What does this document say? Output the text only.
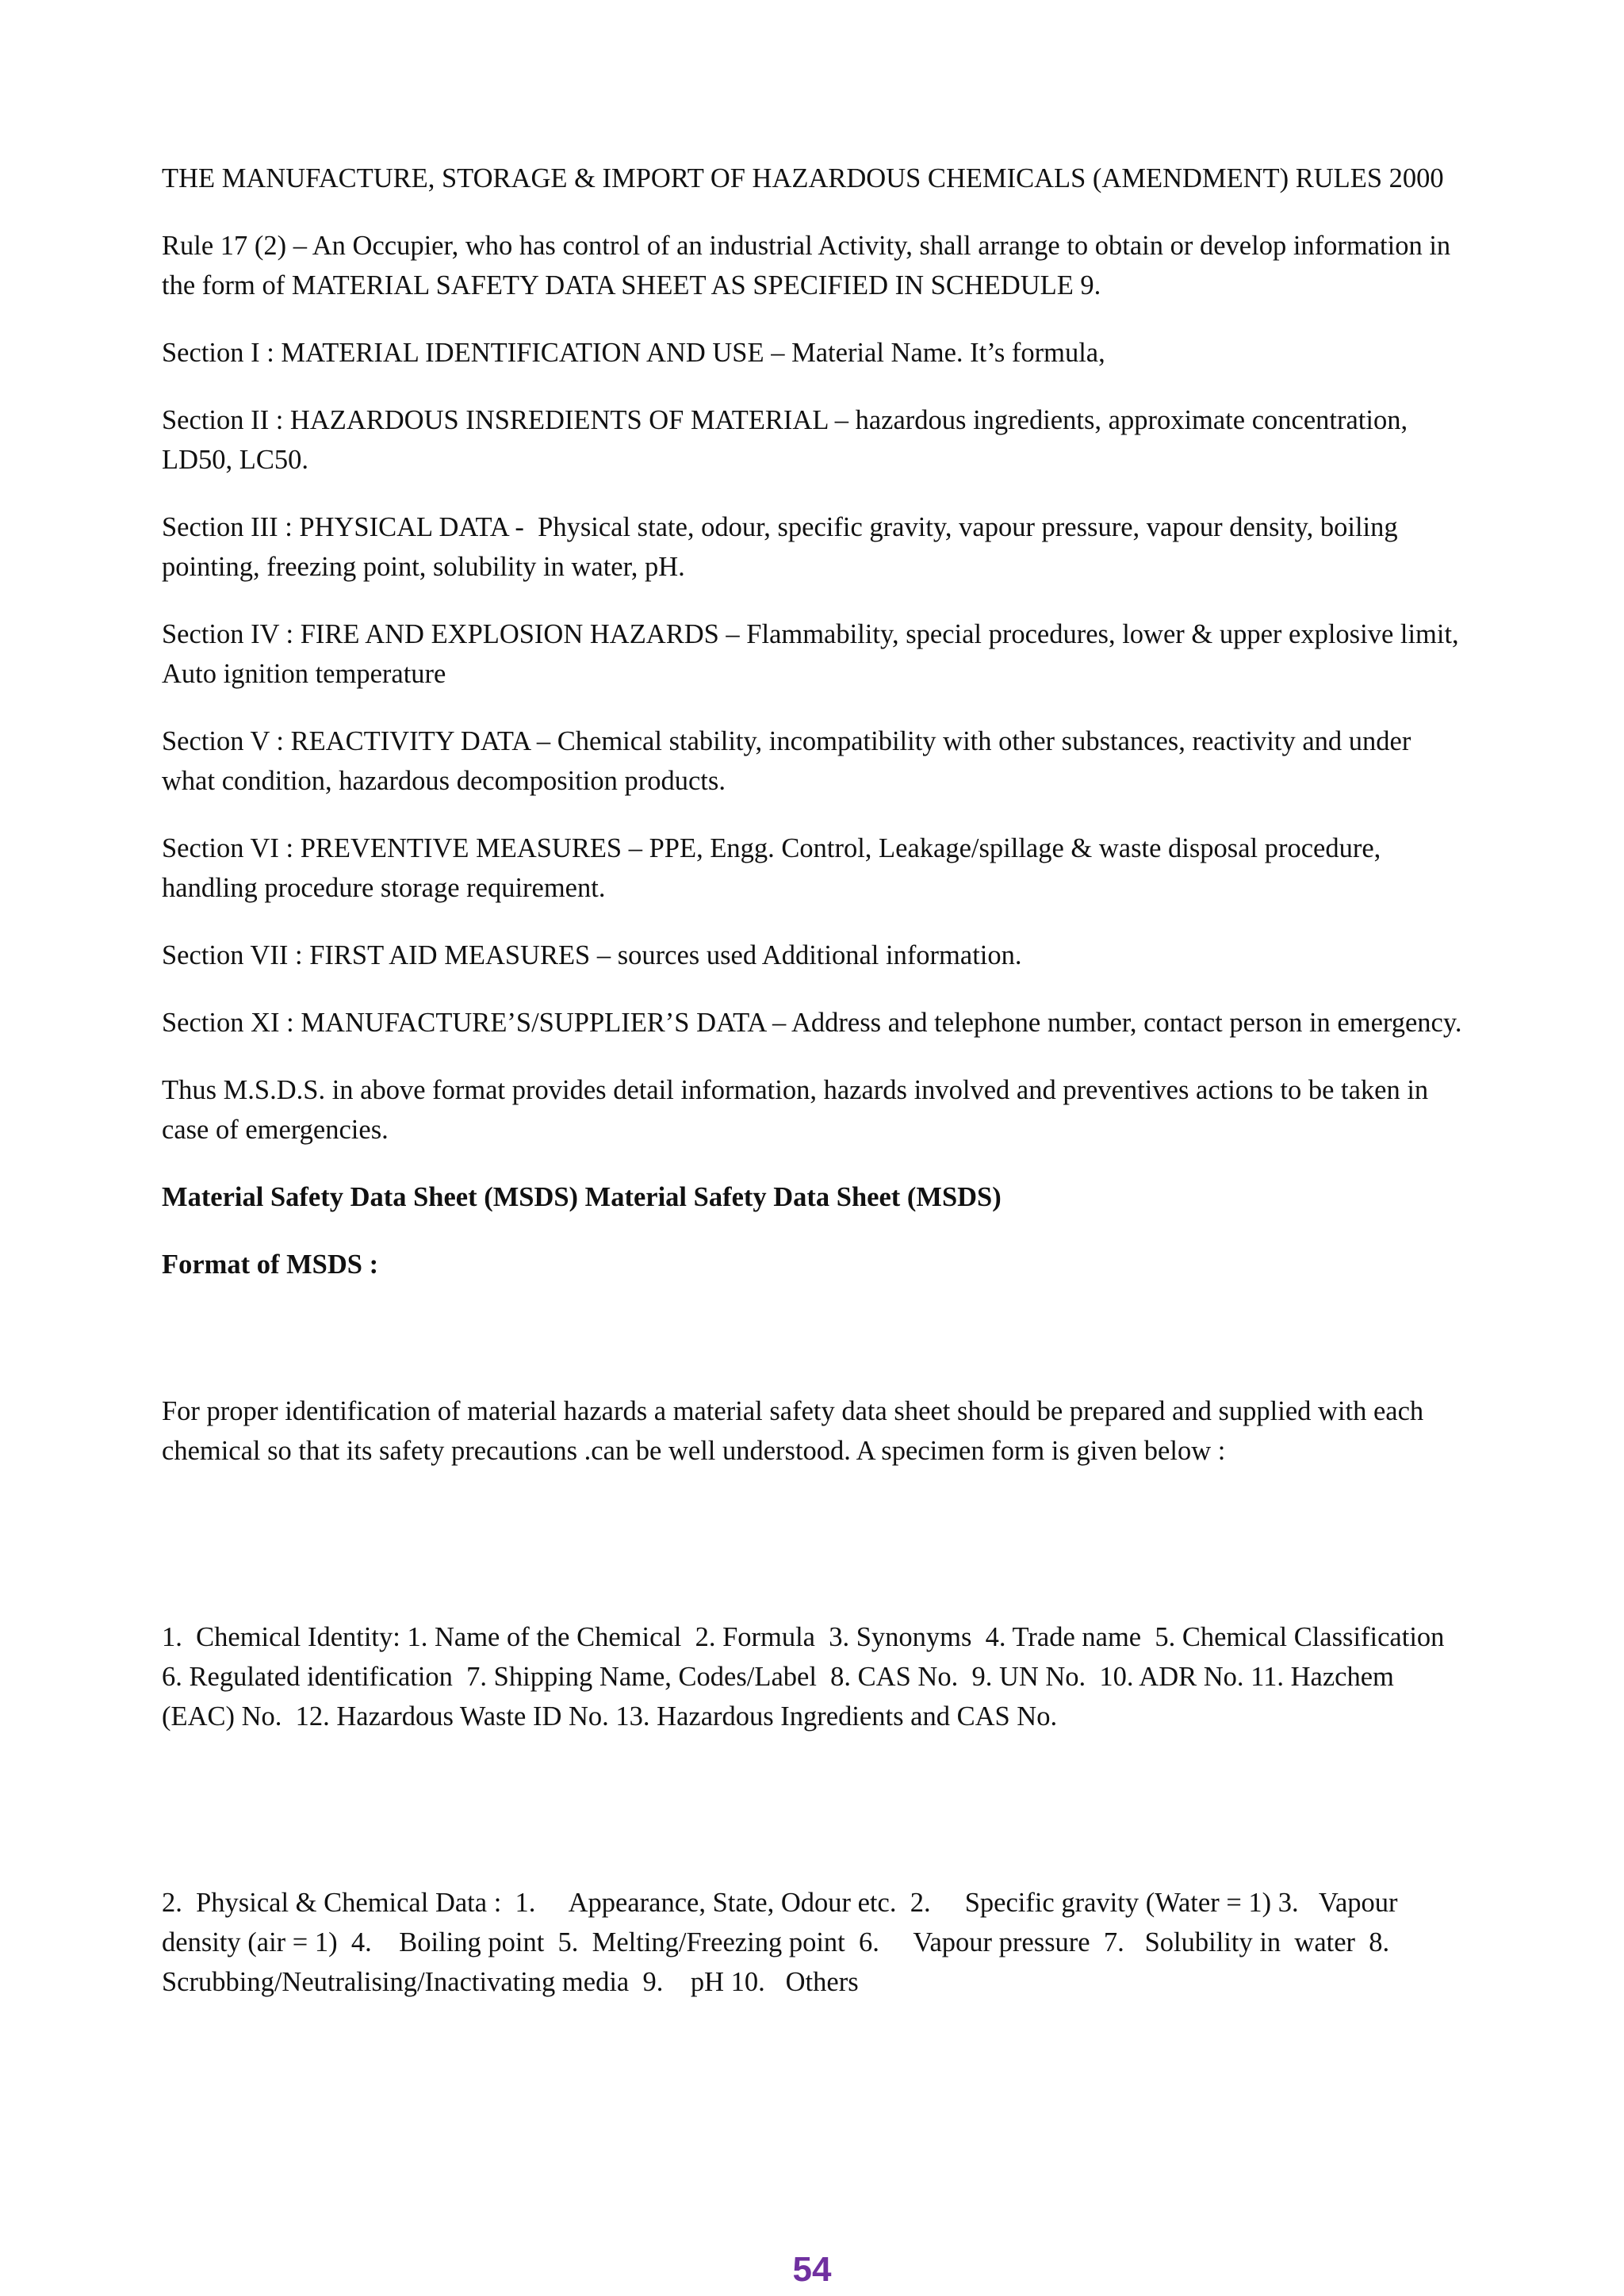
THE MANUFACTURE, STORAGE & IMPORT OF HAZARDOUS CHEMICALS (AMENDMENT) RULES 2000

Rule 17 (2) – An Occupier, who has control of an industrial Activity, shall arrange to obtain or develop information in the form of MATERIAL SAFETY DATA SHEET AS SPECIFIED IN SCHEDULE 9.

Section I : MATERIAL IDENTIFICATION AND USE – Material Name. It’s formula,

Section II : HAZARDOUS INSREDIENTS OF MATERIAL – hazardous ingredients, approximate concentration, LD50, LC50.

Section III : PHYSICAL DATA -  Physical state, odour, specific gravity, vapour pressure, vapour density, boiling pointing, freezing point, solubility in water, pH.

Section IV : FIRE AND EXPLOSION HAZARDS – Flammability, special procedures, lower & upper explosive limit, Auto ignition temperature

Section V : REACTIVITY DATA – Chemical stability, incompatibility with other substances, reactivity and under what condition, hazardous decomposition products.

Section VI : PREVENTIVE MEASURES – PPE, Engg. Control, Leakage/spillage & waste disposal procedure, handling procedure storage requirement.

Section VII : FIRST AID MEASURES – sources used Additional information.

Section XI : MANUFACTURE’S/SUPPLIER’S DATA – Address and telephone number, contact person in emergency.

Thus M.S.D.S. in above format provides detail information, hazards involved and preventives actions to be taken in case of emergencies.

Material Safety Data Sheet (MSDS) Material Safety Data Sheet (MSDS)

Format of MSDS :

For proper identification of material hazards a material safety data sheet should be prepared and supplied with each chemical so that its safety precautions .can be well understood. A specimen form is given below :

1.  Chemical Identity: 1. Name of the Chemical  2. Formula  3. Synonyms  4. Trade name  5. Chemical Classification  6. Regulated identification  7. Shipping Name, Codes/Label  8. CAS No.  9. UN No.  10. ADR No. 11. Hazchem (EAC) No.  12. Hazardous Waste ID No. 13. Hazardous Ingredients and CAS No.

2.  Physical & Chemical Data :  1.     Appearance, State, Odour etc.  2.     Specific gravity (Water = 1) 3.   Vapour density (air = 1)  4.    Boiling point  5.  Melting/Freezing point  6.     Vapour pressure  7.   Solubility in  water  8.     Scrubbing/Neutralising/Inactivating media  9.    pH 10.   Others

54
